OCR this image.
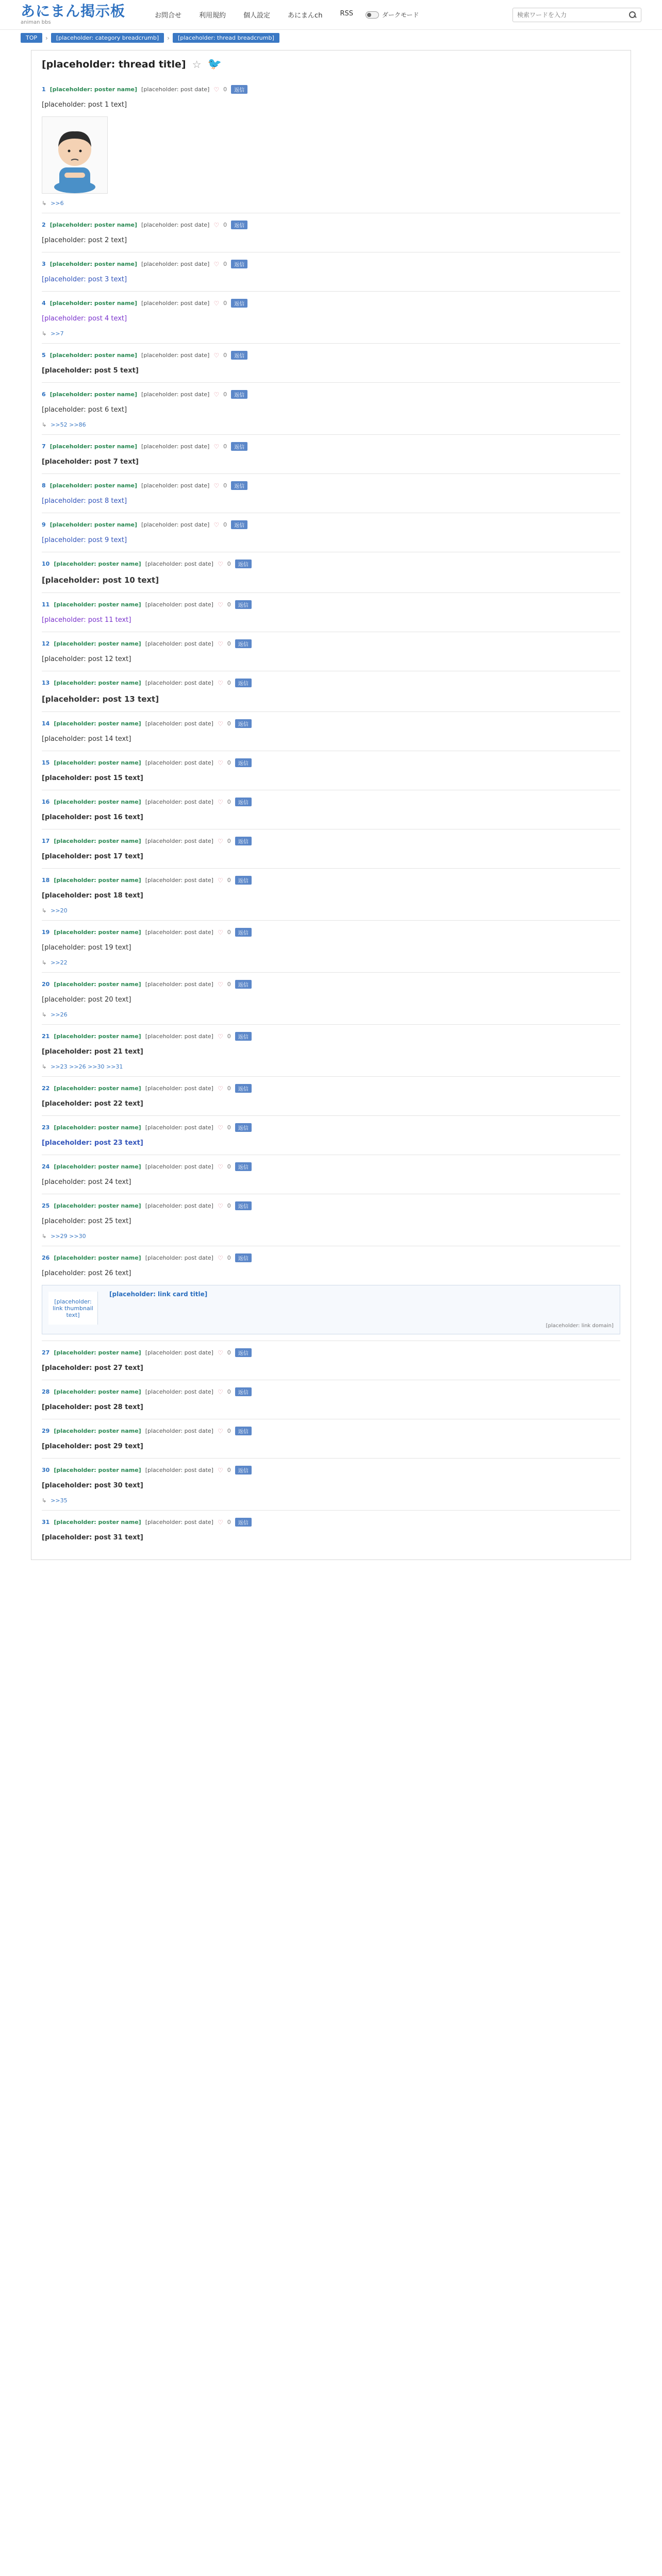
あにまん掲示板
animan bbs
お問合せ	利用規約	個人設定	あにまんch	RSS	ダークモード
検索ワードを入力
TOP	›	[placeholder: category breadcrumb]	›	[placeholder: thread breadcrumb]
[placeholder: thread title] ☆ 🐦
1 [placeholder: poster name] [placeholder: post date] ♡ 0	返信
[placeholder: post 1 text]
↳ >>6
2 [placeholder: poster name] [placeholder: post date] ♡ 0	返信
[placeholder: post 2 text]
3 [placeholder: poster name] [placeholder: post date] ♡ 0	返信
[placeholder: post 3 text]
4 [placeholder: poster name] [placeholder: post date] ♡ 0	返信
[placeholder: post 4 text]
↳ >>7
5 [placeholder: poster name] [placeholder: post date] ♡ 0	返信
[placeholder: post 5 text]
6 [placeholder: poster name] [placeholder: post date] ♡ 0	返信
[placeholder: post 6 text]
↳ >>52 >>86
7 [placeholder: poster name] [placeholder: post date] ♡ 0	返信
[placeholder: post 7 text]
8 [placeholder: poster name] [placeholder: post date] ♡ 0	返信
[placeholder: post 8 text]
9 [placeholder: poster name] [placeholder: post date] ♡ 0	返信
[placeholder: post 9 text]
10 [placeholder: poster name] [placeholder: post date] ♡ 0	返信
[placeholder: post 10 text]
11 [placeholder: poster name] [placeholder: post date] ♡ 0	返信
[placeholder: post 11 text]
12 [placeholder: poster name] [placeholder: post date] ♡ 0	返信
[placeholder: post 12 text]
13 [placeholder: poster name] [placeholder: post date] ♡ 0	返信
[placeholder: post 13 text]
14 [placeholder: poster name] [placeholder: post date] ♡ 0	返信
[placeholder: post 14 text]
15 [placeholder: poster name] [placeholder: post date] ♡ 0	返信
[placeholder: post 15 text]
16 [placeholder: poster name] [placeholder: post date] ♡ 0	返信
[placeholder: post 16 text]
17 [placeholder: poster name] [placeholder: post date] ♡ 0	返信
[placeholder: post 17 text]
18 [placeholder: poster name] [placeholder: post date] ♡ 0	返信
[placeholder: post 18 text]
↳ >>20
19 [placeholder: poster name] [placeholder: post date] ♡ 0	返信
[placeholder: post 19 text]
↳ >>22
20 [placeholder: poster name] [placeholder: post date] ♡ 0	返信
[placeholder: post 20 text]
↳ >>26
21 [placeholder: poster name] [placeholder: post date] ♡ 0	返信
[placeholder: post 21 text]
↳ >>23 >>26 >>30 >>31
22 [placeholder: poster name] [placeholder: post date] ♡ 0	返信
[placeholder: post 22 text]
23 [placeholder: poster name] [placeholder: post date] ♡ 0	返信
[placeholder: post 23 text]
24 [placeholder: poster name] [placeholder: post date] ♡ 0	返信
[placeholder: post 24 text]
25 [placeholder: poster name] [placeholder: post date] ♡ 0	返信
[placeholder: post 25 text]
↳ >>29 >>30
26 [placeholder: poster name] [placeholder: post date] ♡ 0	返信
[placeholder: post 26 text]
[placeholder: link thumbnail text]
[placeholder: link card title]
[placeholder: link domain]
27 [placeholder: poster name] [placeholder: post date] ♡ 0	返信
[placeholder: post 27 text]
28 [placeholder: poster name] [placeholder: post date] ♡ 0	返信
[placeholder: post 28 text]
29 [placeholder: poster name] [placeholder: post date] ♡ 0	返信
[placeholder: post 29 text]
30 [placeholder: poster name] [placeholder: post date] ♡ 0	返信
[placeholder: post 30 text]
↳ >>35
31 [placeholder: poster name] [placeholder: post date] ♡ 0	返信
[placeholder: post 31 text]
